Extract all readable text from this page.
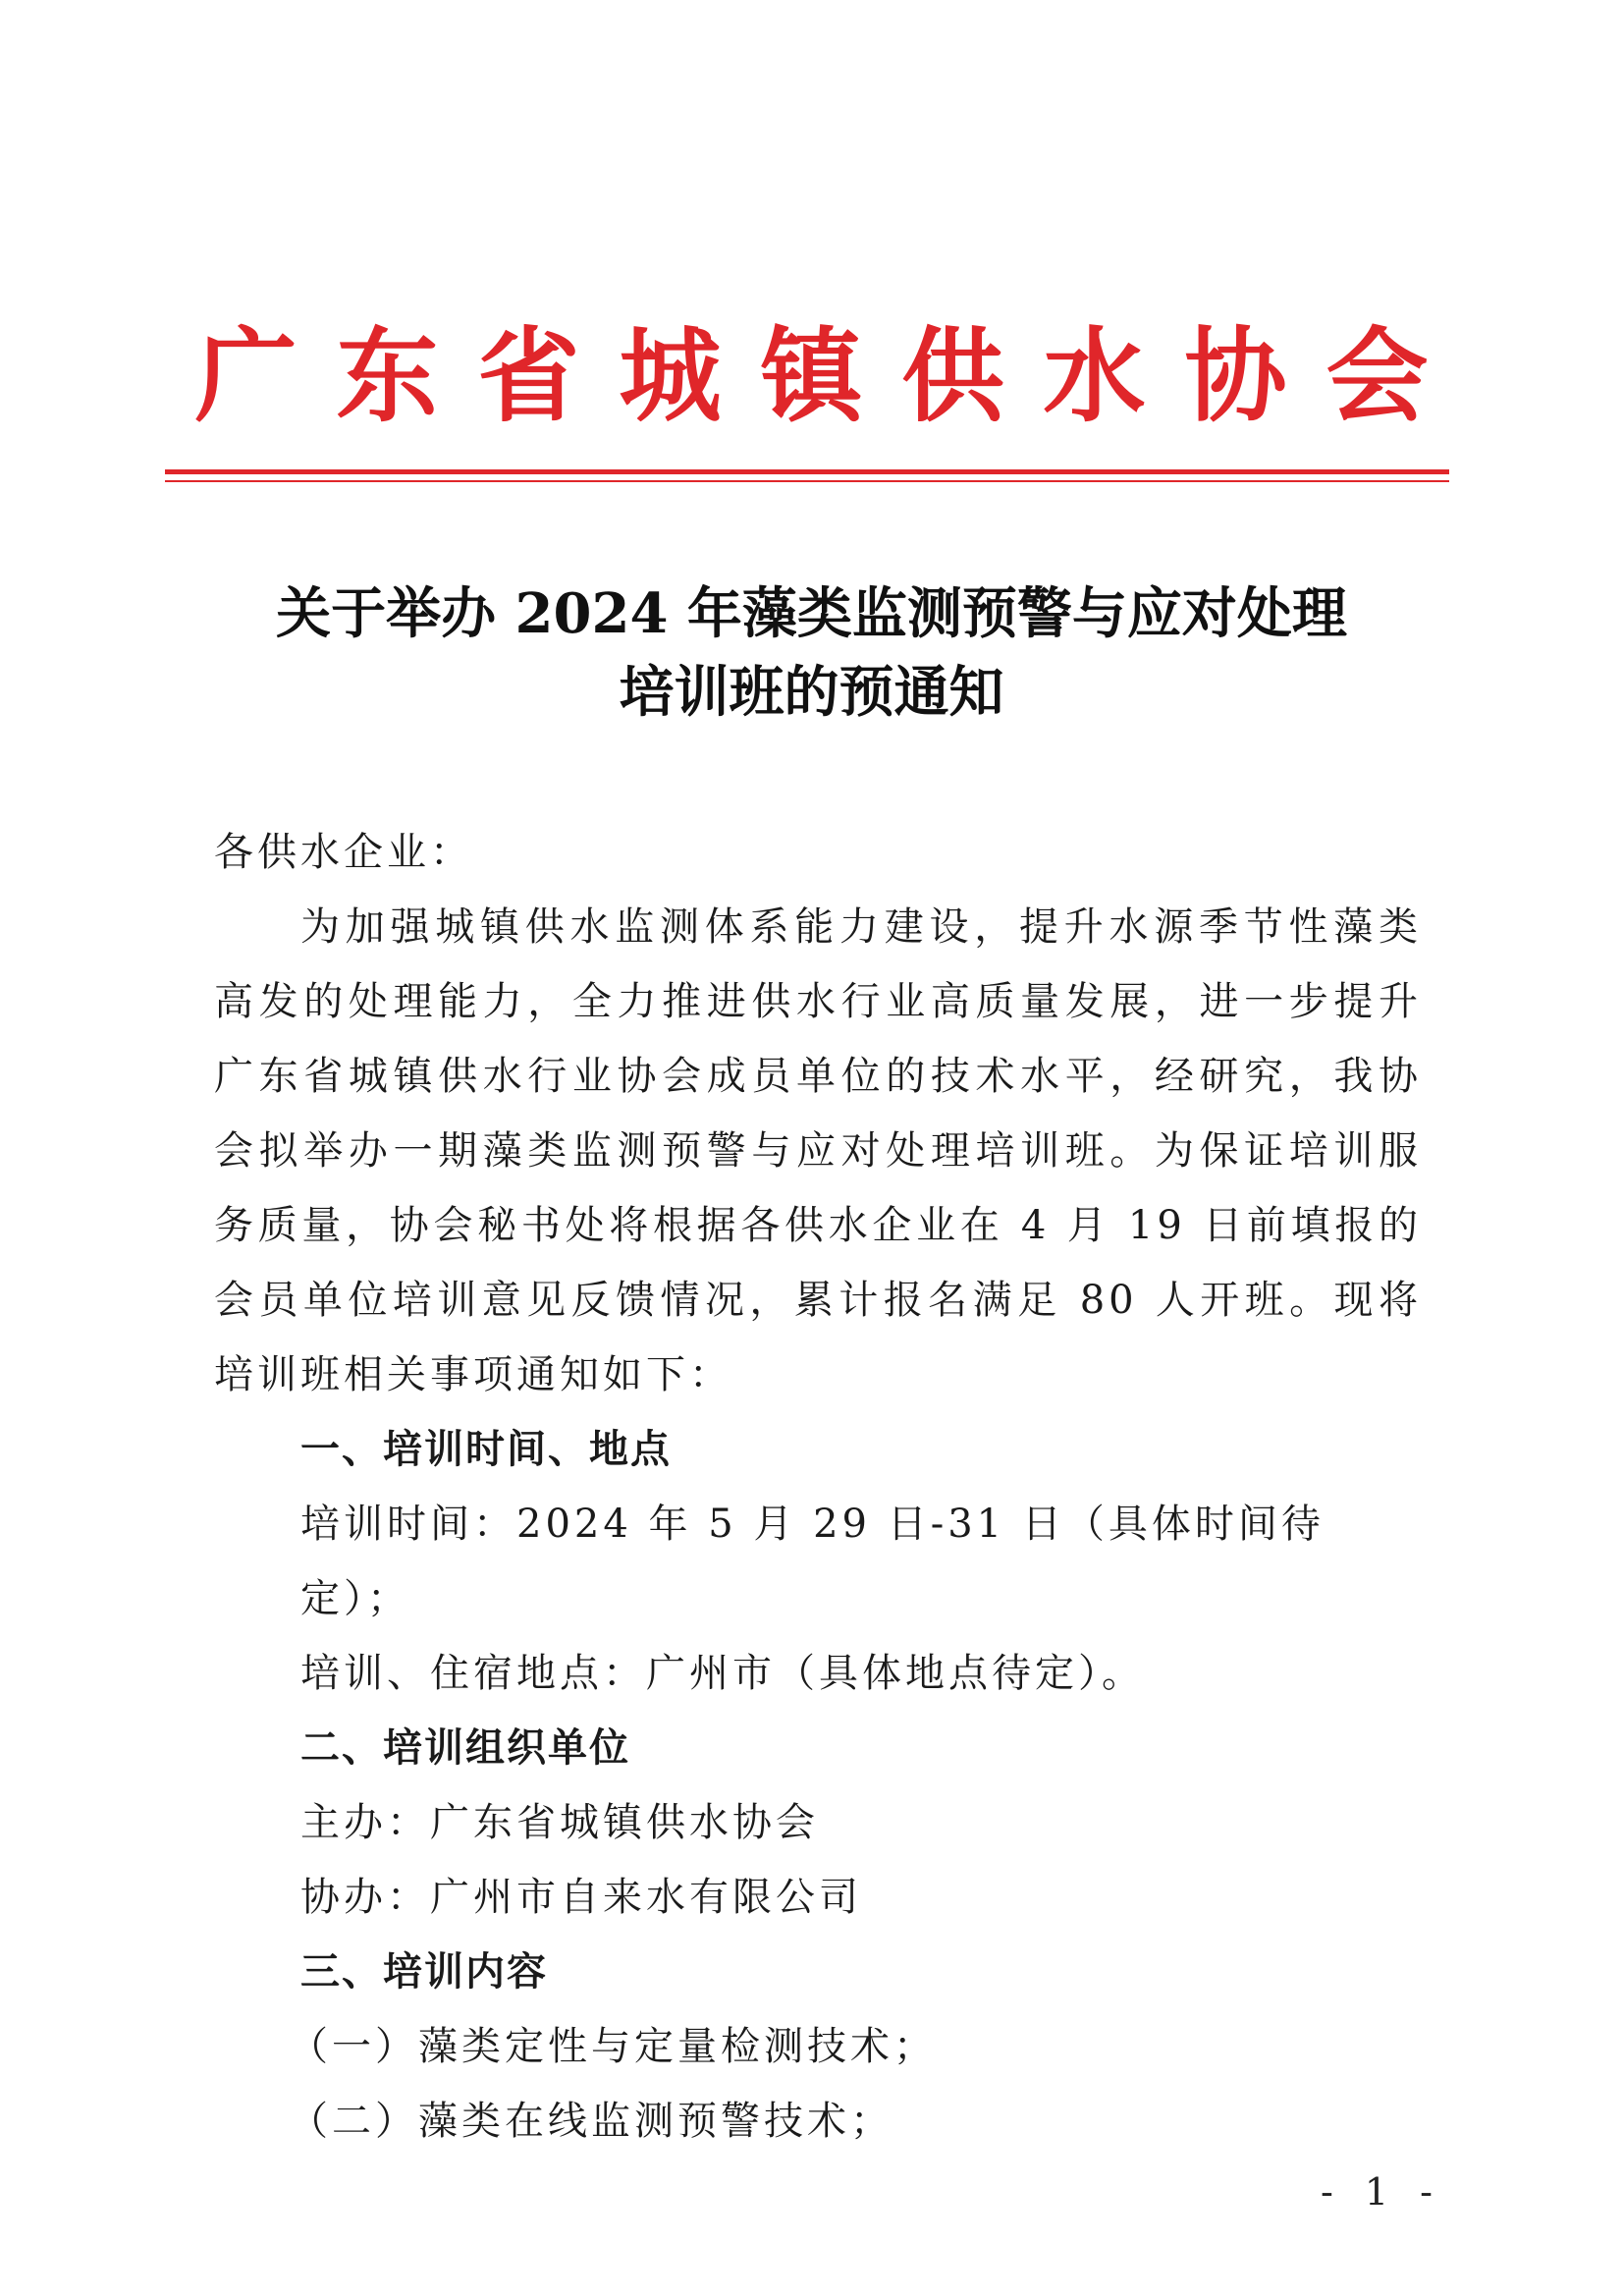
广东省城镇供水协会
关于举办 2024 年藻类监测预警与应对处理
培训班的预通知

各供水企业：

为加强城镇供水监测体系能力建设，提升水源季节性藻类高发的处理能力，全力推进供水行业高质量发展，进一步提升广东省城镇供水行业协会成员单位的技术水平，经研究，我协会拟举办一期藻类监测预警与应对处理培训班。为保证培训服务质量，协会秘书处将根据各供水企业在 4 月 19 日前填报的会员单位培训意见反馈情况，累计报名满足 80 人开班。现将培训班相关事项通知如下：

一、培训时间、地点

培训时间：2024 年 5 月 29 日-31 日（具体时间待定）；

培训、住宿地点：广州市（具体地点待定）。

二、培训组织单位

主办：广东省城镇供水协会

协办：广州市自来水有限公司

三、培训内容

（一）藻类定性与定量检测技术；

（二）藻类在线监测预警技术；

- 1 -
